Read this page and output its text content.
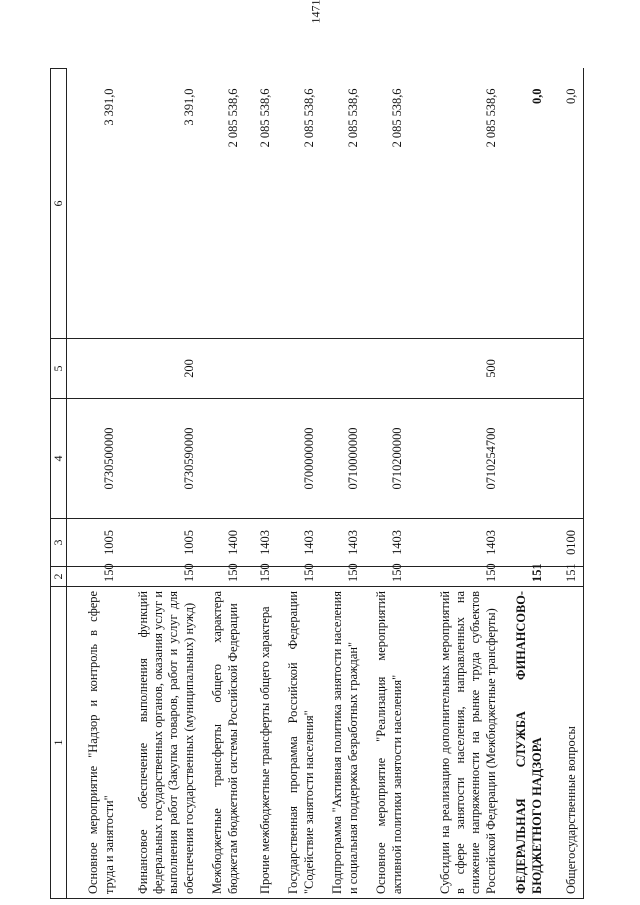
1471
1	2	3	4	5	6
Основное мероприятие "Надзор и контроль в сфере труда и занятости"	150	1005	0730500000		3 391,0
Финансовое обеспечение выполнения функций федеральных государственных органов, оказания услуг и выполнения работ (Закупка товаров, работ и услуг для обеспечения государственных (муниципальных) нужд)	150	1005	0730590000	200	3 391,0
Межбюджетные трансферты общего характера бюджетам бюджетной системы Российской Федерации	150	1400			2 085 538,6
Прочие межбюджетные трансферты общего характера	150	1403			2 085 538,6
Государственная программа Российской Федерации "Содействие занятости населения"	150	1403	0700000000		2 085 538,6
Подпрограмма "Активная политика занятости населения и социальная поддержка безработных граждан"	150	1403	0710000000		2 085 538,6
Основное мероприятие "Реализация мероприятий активной политики занятости населения"	150	1403	0710200000		2 085 538,6
Субсидии на реализацию дополнительных мероприятий в сфере занятости населения, направленных на снижение напряженности на рынке труда субъектов Российской Федерации (Межбюджетные трансферты)	150	1403	0710254700	500	2 085 538,6
ФЕДЕРАЛЬНАЯ СЛУЖБА ФИНАНСОВО-БЮДЖЕТНОГО НАДЗОРА	151				0,0
Общегосударственные вопросы	151	0100			0,0
